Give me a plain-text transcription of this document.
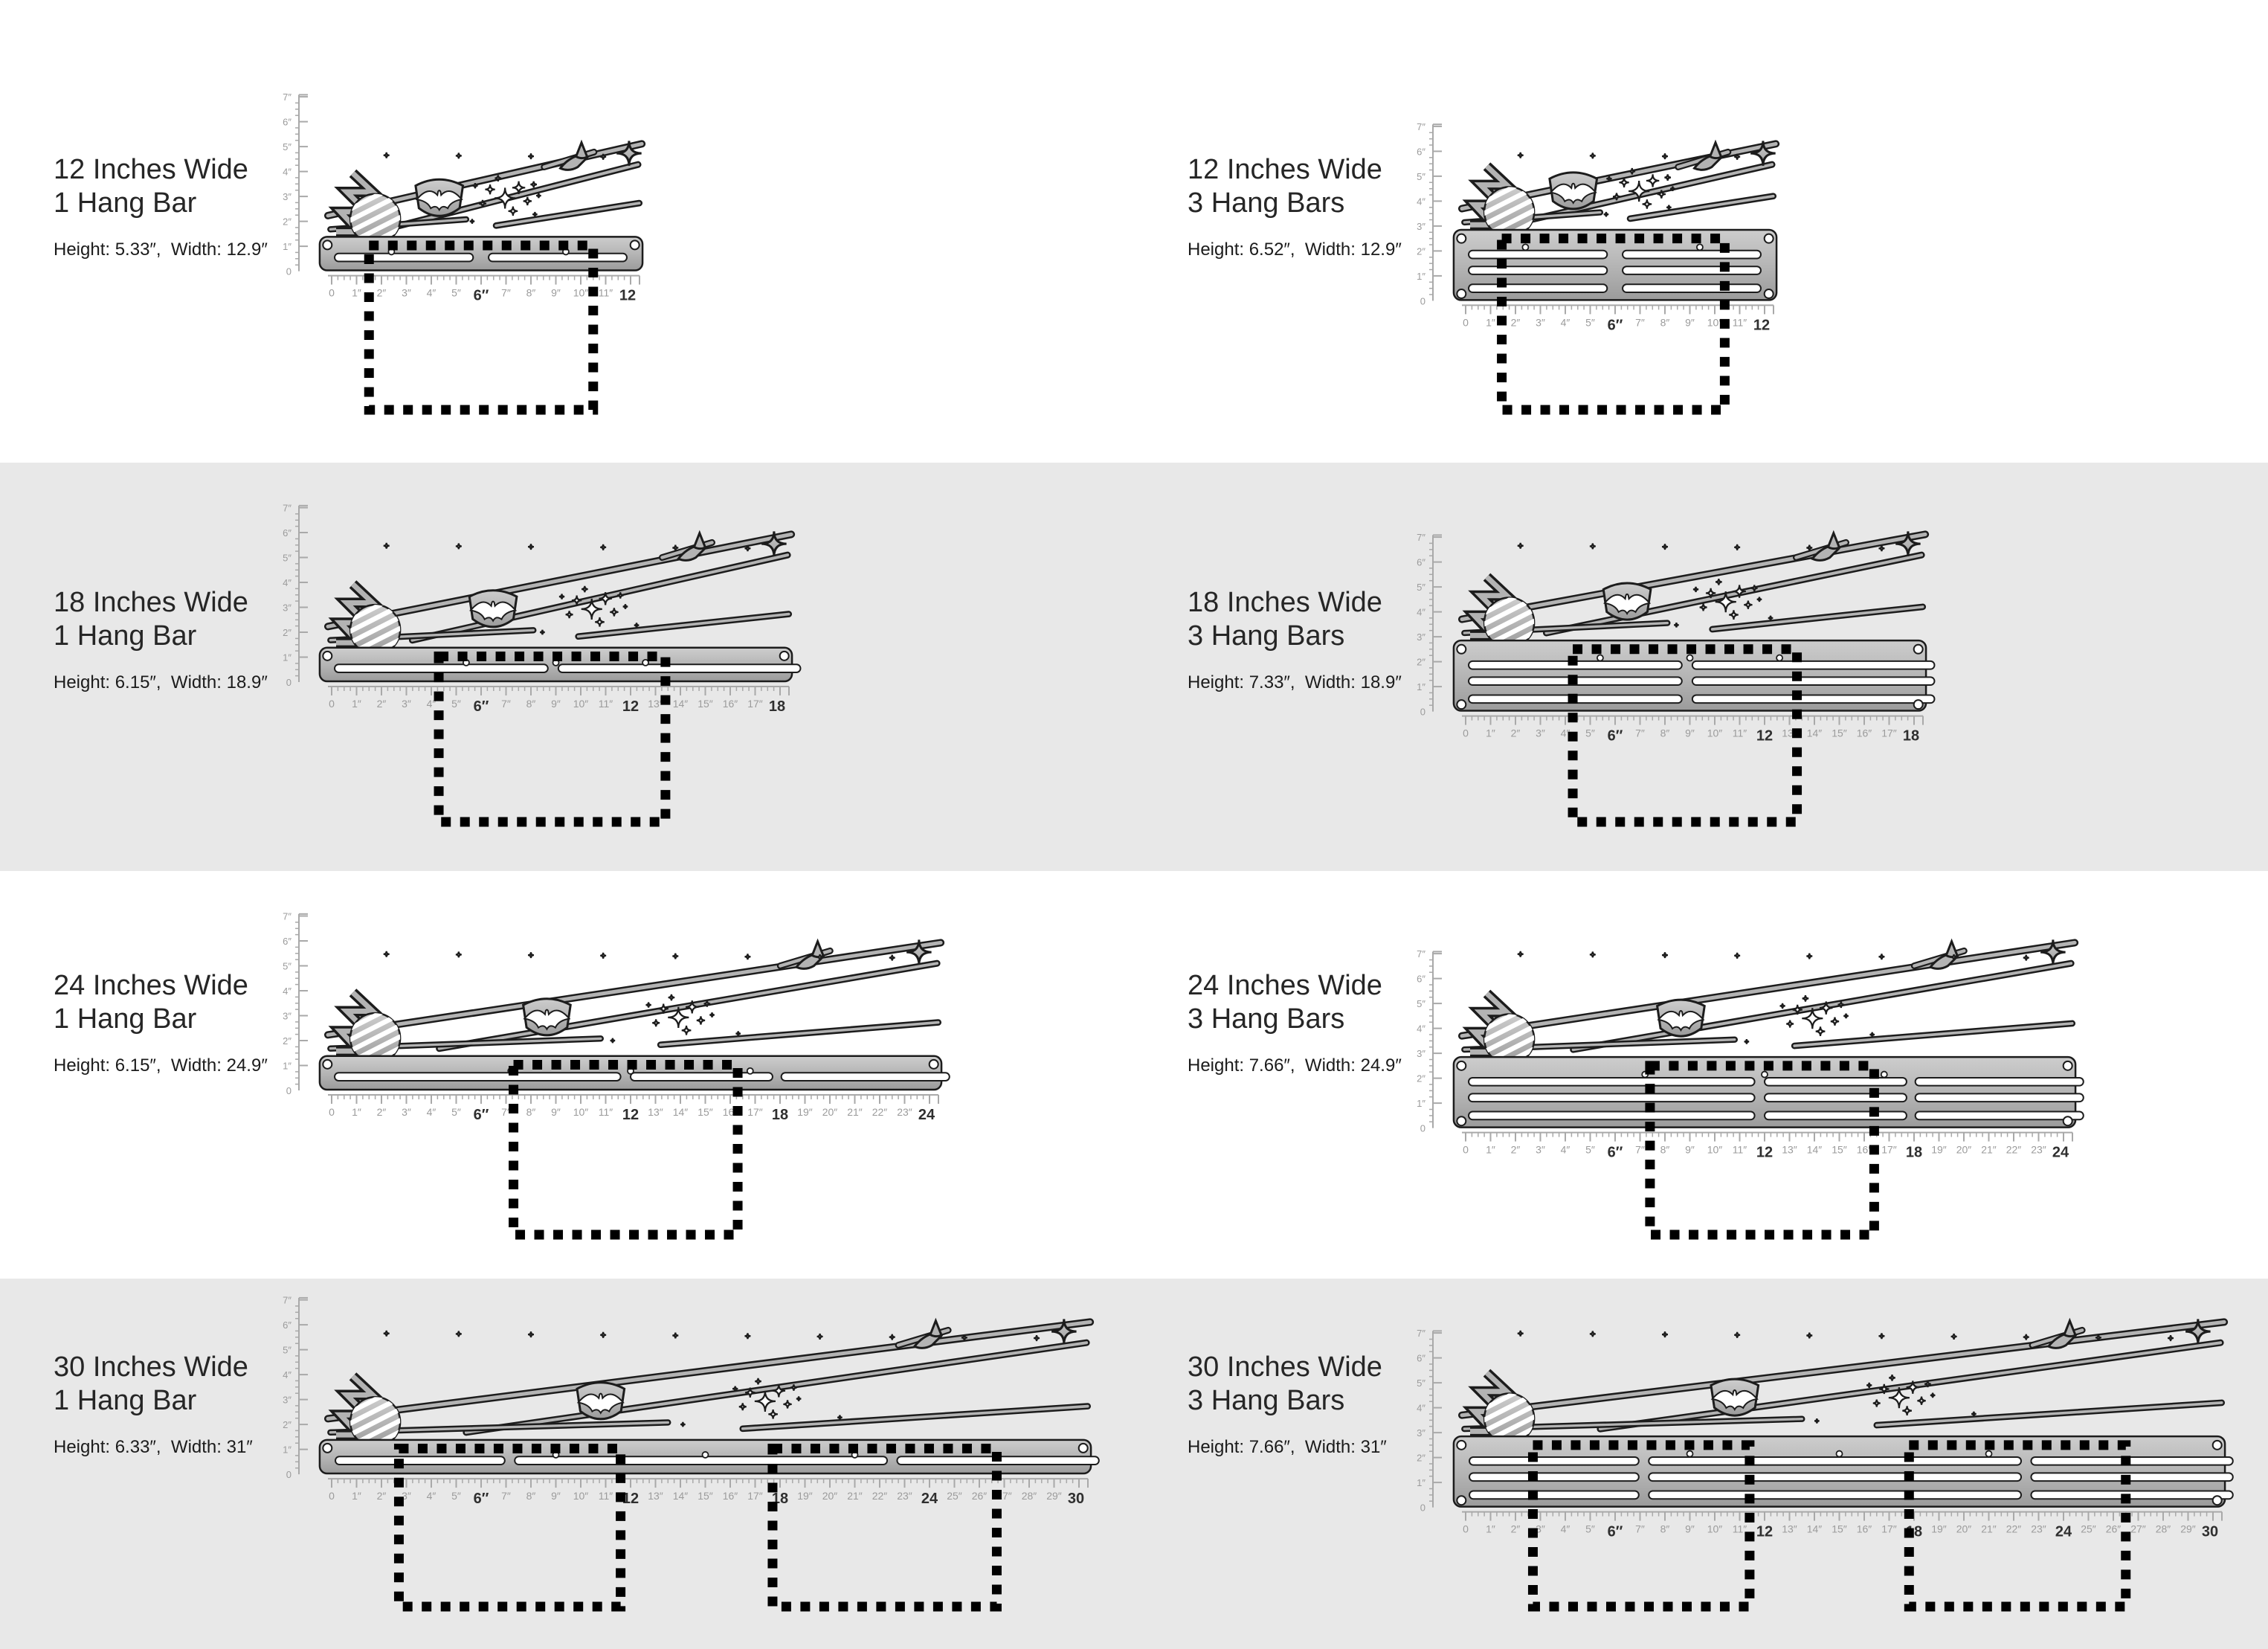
12 Inches Wide
1 Hang Bar
Height: 5.33″,  Width: 12.9″
0
1″
2″
3″
4″
5″
6″
7″
0 1″ 2″ 3″ 4″ 5″ 6″ 7″ 8″ 9″ 10″ 11″ 12
12 Inches Wide
3 Hang Bars
Height: 6.52″,  Width: 12.9″
0
1″
2″
3″
4″
5″
6″
7″
0 1″ 2″ 3″ 4″ 5″ 6″ 7″ 8″ 9″ 10″ 11″ 12
18 Inches Wide
1 Hang Bar
Height: 6.15″,  Width: 18.9″ 0
1″
2″
3″
4″
5″
6″
7″
0 1″ 2″ 3″ 4″ 5″ 6″ 7″ 8″ 9″ 10″ 11″ 12 13″ 14″ 15″ 16″ 17″ 18
18 Inches Wide
3 Hang Bars
Height: 7.33″,  Width: 18.9″
0
1″
2″
3″
4″
5″
6″
7″
0 1″ 2″ 3″ 4″ 5″ 6″ 7″ 8″ 9″ 10″ 11″ 12 13″ 14″ 15″ 16″ 17″ 18
24 Inches Wide
1 Hang Bar
Height: 6.15″,  Width: 24.9″
0
1″
2″
3″
4″
5″
6″
7″
0 1″ 2″ 3″ 4″ 5″ 6″ 7″ 8″ 9″ 10″ 11″ 12 13″ 14″ 15″ 16″ 17″ 18 19″ 20″ 21″ 22″ 23″ 24
24 Inches Wide
3 Hang Bars
Height: 7.66″,  Width: 24.9″
0
1″
2″
3″
4″
5″
6″
7″
0 1″ 2″ 3″ 4″ 5″ 6″ 7″ 8″ 9″ 10″ 11″ 12 13″ 14″ 15″ 16″ 17″ 18 19″ 20″ 21″ 22″ 23″ 24
30 Inches Wide
1 Hang Bar
Height: 6.33″,  Width: 31″
0
1″
2″
3″
4″
5″
6″
7″
0 1″ 2″ 3″ 4″ 5″ 6″ 7″ 8″ 9″ 10″ 11″ 12 13″ 14″ 15″ 16″ 17″ 18 19″ 20″ 21″ 22″ 23″ 24 25″ 26″ 27″ 28″ 29″ 30
30 Inches Wide
3 Hang Bars
Height: 7.66″,  Width: 31″
0
1″
2″
3″
4″
5″
6″
7″
0 1″ 2″ 3″ 4″ 5″ 6″ 7″ 8″ 9″ 10″ 11″ 12 13″ 14″ 15″ 16″ 17″ 18 19″ 20″ 21″ 22″ 23″ 24 25″ 26″ 27″ 28″ 29″ 30
